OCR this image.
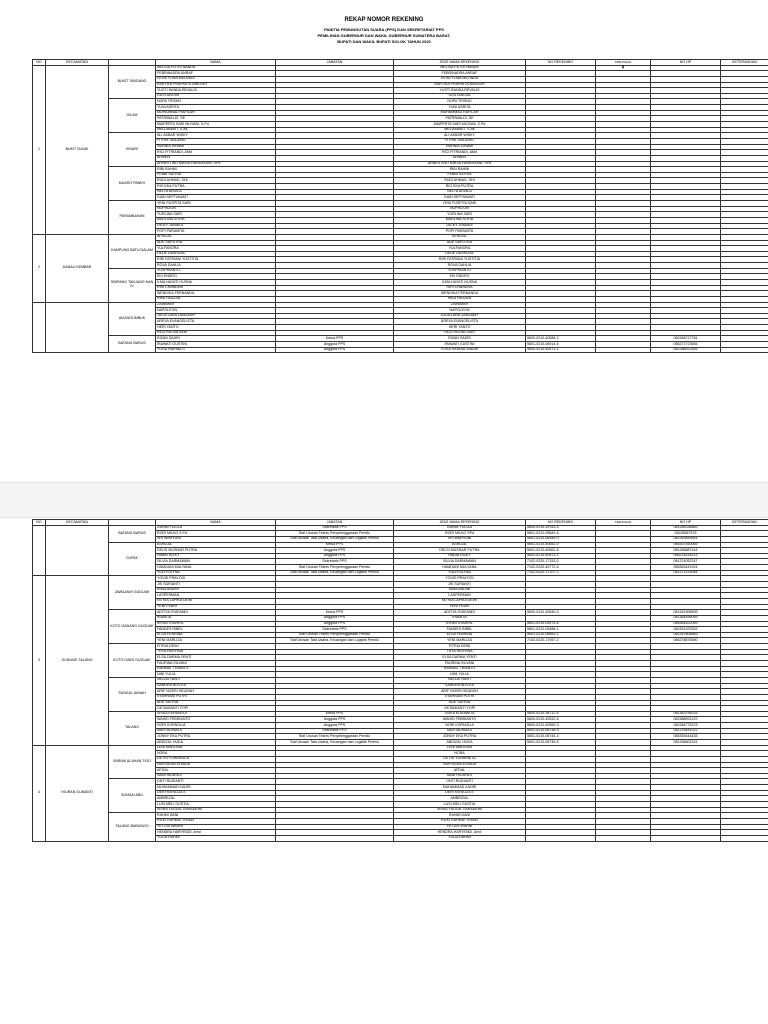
REKAP NOMOR REKENING
PANITIA PEMUNGUTAN SUARA (PPS) DAN SEKRETARIAT PPS
PEMILIHAN GUBERNUR DAN WAKIL GUBERNUR SUMATERA BARAT,
BUPATI DAN WAKIL BUPATI SOLOK TAHUN 2020
NO	KECAMATAN		NAMA	JABATAN	ATAS NAMA REKENING	NO REKENING	TABUNGAN	NO HP	KETERANGAN
1	BUKIT SUNDI	BUKIT TANDANG	MELISA PUTRI NANDA		MELISA PUTRI NANDA		▮		
			FEBRINADRA ANRAF		FEBRINADRA ANRAF				
			IVONI YONA MELINDA		IVONI YONA MELINDA				
			KARTIKA PRAPMITA NINGSIH		KARTIKA PRAPMITA NINGSIH				
			YUSTI RANDA REVALDI		YUSTI RANDA REVALDI				
			GUSTANOVA		GUSTANOVA				
		DILAM	NOPA TRISNO		NOPA TRISNO				
			YUNI ASRITA		YUNI ASRITA				
			MUHAMMAD RAFILAH		MUHAMMAD RAFILAH				
			PATRIWALDI, SE		PATRIWALDI, SE				
			MAIPERTA SARI MUYANI, S.Pd		MAIPERTA SARI MUYANI, S.Pd				
			MELDAWATI, S.Ak		MELDAWATI, S.Ak				
		KINARI	ALI AKBAR WISKY		ALI AKBAR WISKY				
			FITRIA TANJUNG		FITRIA TANJUNG				
			NURNIA ISHAMI		NURNIA ISHAMI				
			RICI FITRIANDI, AMd		RICI FITRIANDI, AMd				
			ARMEN		ARMEN				
			ARNESTINO MIRSA HANDAYANI, SPd		ARNESTINO MIRSA HANDAYANI, SPd				
		MUARO PANEH	RIBI RAHMI		RIBI RAHMI				
			FEBBI SATRIA		FEBBI SATRIA				
			RUDI AHMAD, SHI		RUDI AHMAD, SHI				
			RIO EKA PUTRA		RIO EKA PUTRA				
			NELTA ARDILA		NELTA ARDILA				
			DIAN SEPTIAWATI		DIAN SEPTIAWATI				
		PARAMBAHAN	YENI PUSPITA SARI		YENI PUSPITA SARI				
			NOFRIZON		NOFRIZON				
			YURLINA SARI		YURLINA SARI				
			MARLINA SOFIA		MARLINA SOFIA				
			DICKY JUNAIDI		DICKY JUNAIDI				
			POPI PARAMITA		POPI PARAMITA				
2	DANAU KEMBAR	KAMPUNG BATU DALAM	AFRIZAL		AFRIZAL				
			ADE SAPUTRA		ADE SAPUTRA				
			YULFANORA		YULFANORA				
			DEDE DASRIZAL		DEDE DASRIZAL				
			RIRI FATRIANI YUSTITIA		RIRI FATRIANI YUSTITIA				
			ROVA DAHLIA		ROVA DAHLIA				
		SIMPANG TANJUNG NAN IV	YUSPRIANTO		YUSPRIANTO				
			EKI ENDRO		EKI ENDRO				
			ILMA HAYATI HUSNA		ILMA HAYATI HUSNA				
			RIRI CHANDRA		RIRI CHANDRA				
			WENDIKA FERNANDA		WENDIKA FERNANDA				
			RIKA FAUZAN		RIKA FAUZAN				
		AIA BATUMBUK	ZAINIMAR		ZAINIMAR				
			NAPOLEON		NAPOLEON				
			JULIA LARA ZAMZAMY		JULIA LARA ZAMZAMY				
			AREVA EVANGELISTA		AREVA EVANGELISTA				
			HERI YANTO		HERI YANTO				
			REZI RATNA SARI		REZI RATNA SARI				
		BATANG BARUS	RIZAN SADRI	Ketua PPS	RIZAN SADRI	5600-0210-40586-2		082268727781	
			IRAWATI GUSTINI	Anggota PPS	IRAWATI GUSTINI	5601-0210-06914-6		085272723555	
			YORA HARINA S	Anggota PPS	YORA HARINA SINDRI	5600-0210-40571-1		082288922826	
NO	KECAMATAN		NAMA	JABATAN	ATAS NAMA REKENING	NO REKENING	TABUNGAN	NO HP	KETERANGAN
		BATANG BARUS	RAHMI YULIZA	Sekretaris PPS	RAHMI YULIZA	5600-0210-39783-4		081266336682	
			RORI MILKO S.Pd	Staf Urusan Teknis Penyelenggaraan Pemilu	RORI MILKO SPd	5601-0210-05849-6		08228567576	
			SRI WAHYUNI	Staf Urusan Tata Usaha, Keuangan dan Logistik Pemilu	SRI WAHYUNI	5601-0210-06544-0		082283859544	
		CUPAK	ASRIZAL	Ketua PPS	ASRIZAL	5601-0210-40652-0		085307550065	
			DELSI MUSNAR PUTRA	Anggota PPS	DELSI MUSNAR PUTRA	5601-0210-40562-6		081266887444	
			HABIB RIZKY	Anggota PPS	HABIB RIZKY	5601-0210-40573-1		085278226213	
			SILVIA DARMAWAN	Sekretaris PPS	SILVIA DARMAWAN	7102-0220-17153-0		081374052247	
			HAMDANI MULYANA	Staf Urusan Teknis Penyelenggaraan Pemilu	HAMDANI MULYANA	7102-0220-40772-6		085363441924	
			YULFISILYNA	Staf Urusan Tata Usaha, Keuangan dan Logistik Pemilu	YULFISILYNA	7102-0220-17107-2		081371376084	
3	GUNUNG TALANG	JAWAJAWI GUGUAK	YOVID PRAYOGI		YOVID PRAYOGI				
			JIS SURIANTI		JIS SURIANTI				
			IRMA ANDINI		IRMA ANDINI				
			LASPERMAN		LASPERMAN				
			NITRIA LAPIKA DEWI		NITRIA LAPIKA DEWI				
			YENI FEBRI		YENI FEBRI				
		KOTO GADANG GUGUAK	ADITYA SYAFANDI	Ketua PPS	ADITYA SYAFANDI	5600-0210-40540-4		081261906599	
			IRAMITA	Anggota PPS	IRAMITA			081364496059	
			IRFAN SYAHRIL	Anggota PPS	IRFAN SYAHRIL	5601-0210-05474-6		085364522059	
			FANDES RIBEL	Sekretaris PPS	FANDES RIBEL	5601-0210-05486-1		082391297632	
			ELSA FEBRINA	Staf Urusan Teknis Penyelenggaraan Pemilu	ELSA FEBRINA	5601-0210-06853-1		082267606869	
			YENI MARLIZA	Staf Urusan Tata Usaha, Keuangan dan Logistik Pemilu	YENI MARLIZA	7102-0220-17057-2		085278876550	
		KOTO GAEK GUGUAK	FITRIA DEWI		FITRIA DEWI				
			TRYA HERYINA		TRYA HERYINA				
			ELSA DARMA YENTI		ELSA DARMA YENTI				
			FAURINA SILVANI		FAURINA SILVANI				
			RAHMAT TRIANTO		RAHMAT TRIANTO				
			NINI YULIA		NINI YULIA				
		SUNGAI JANIAH	NELDA YANTI		NELDA YANTI				
			SANDRA NOVITA		SANDRA NOVITA				
			ARIF NOERI HIDAYAH		ARIF NOERI HIDAYAH				
			SYAHRANI PUTRI		SYAHRANI PUTRI				
			ADE SATRIA		ADE SATRIA				
			OKTAMIANTI YOPI		OKTAMIANTI YOPI				
		TALANG	SISKA EDRAWITA	Ketua PPS	SISKA EDRAWITA	5600-0210-38712-4		081363796233	
			WAHID FEBRIANTO	Anggota PPS	WAHID FEBRIANTO	5600-0210-40532-6		082388991222	
			NORI KORNOLIA	Anggota PPS	NORI KORNOLIA	5600-0210-40550-3		082284775278	
			MARTADINATA	Sekretaris PPS	MARTADINATA	5601-0210-06738-5		081378441022	
			JONNY EKA PUTRA	Staf Urusan Teknis Penyelenggaraan Pemilu	JONNY EKA PUTRA	5601-0210-06744-4		085355444435	
			ABDIZAL HUDA	Staf Urusan Tata Usaha, Keuangan dan Logistik Pemilu	ABDIZAL HUDA	5601-0210-06745-5		081336602161	
4	HILIRAN GUMANTI	SARIAK ALAHAN TIGO	LENI MARLINA		LENI MARLINA				
			NORA		NORA				
			DETRI YUHARNITA		DETRI YUHARNITA				
			NURYASMI ELMIDA		NURYASMI ELMIDA				
			AFDAL		AFDAL				
			NANI HIDAYATI		NANI HIDAYATI				
		SUNGAI ABU	ONTI RUDIANTI		ONTI RUDIANTI				
			MUHAMMAD KADRI		MUHAMMAD KADRI				
			DERTRA NOZA S		DERTRA NOZA S				
			AMBRIZAL		AMBRIZAL				
			LUSI MELI GUSTIA		LUSI MELI GUSTIA				
			SISRA YULIDA TIARADEWI		SISRA YULIDA TIARADEWI				
		TALANG BABUNGO	RAHMI DANI		RAHMI DANI				
			RIZKI RAHMAT IHSAN		RIZKI RAHMAT IHSAN				
			YETDIS WARNI		YETDIS WARNI				
			HENDRA HARYENDI, Amd		HENDRA HARYENDI, Amd				
			YULIA RAHMI		YULIA RAHMI				
